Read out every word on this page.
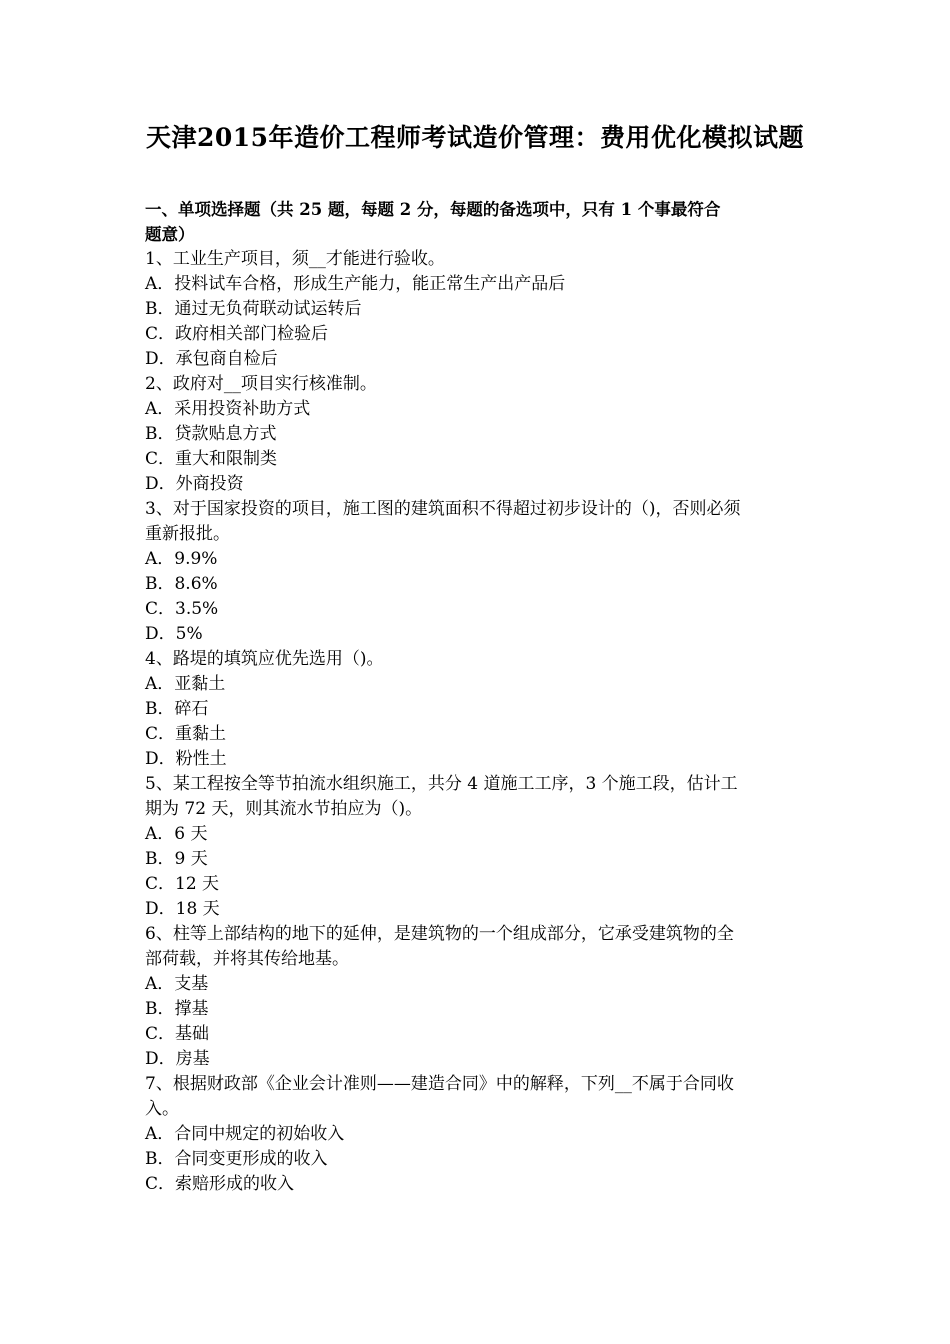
天津2015年造价工程师考试造价管理：费用优化模拟试题
一、单项选择题（共 25 题，每题 2 分，每题的备选项中，只有 1 个事最符合
题意）
1、工业生产项目，须__才能进行验收。
A．投料试车合格，形成生产能力，能正常生产出产品后
B．通过无负荷联动试运转后
C．政府相关部门检验后
D．承包商自检后
2、政府对__项目实行核准制。
A．采用投资补助方式
B．贷款贴息方式
C．重大和限制类
D．外商投资
3、对于国家投资的项目，施工图的建筑面积不得超过初步设计的（)，否则必须
重新报批。
A．9.9%
B．8.6%
C．3.5%
D．5%
4、路堤的填筑应优先选用（)。
A．亚黏土
B．碎石
C．重黏土
D．粉性土
5、某工程按全等节拍流水组织施工，共分 4 道施工工序，3 个施工段，估计工
期为 72 天，则其流水节拍应为（)。
A．6 天
B．9 天
C．12 天
D．18 天
6、柱等上部结构的地下的延伸，是建筑物的一个组成部分，它承受建筑物的全
部荷载，并将其传给地基。
A．支基
B．撑基
C．基础
D．房基
7、根据财政部《企业会计准则——建造合同》中的解释，下列__不属于合同收
入。
A．合同中规定的初始收入
B．合同变更形成的收入
C．索赔形成的收入
